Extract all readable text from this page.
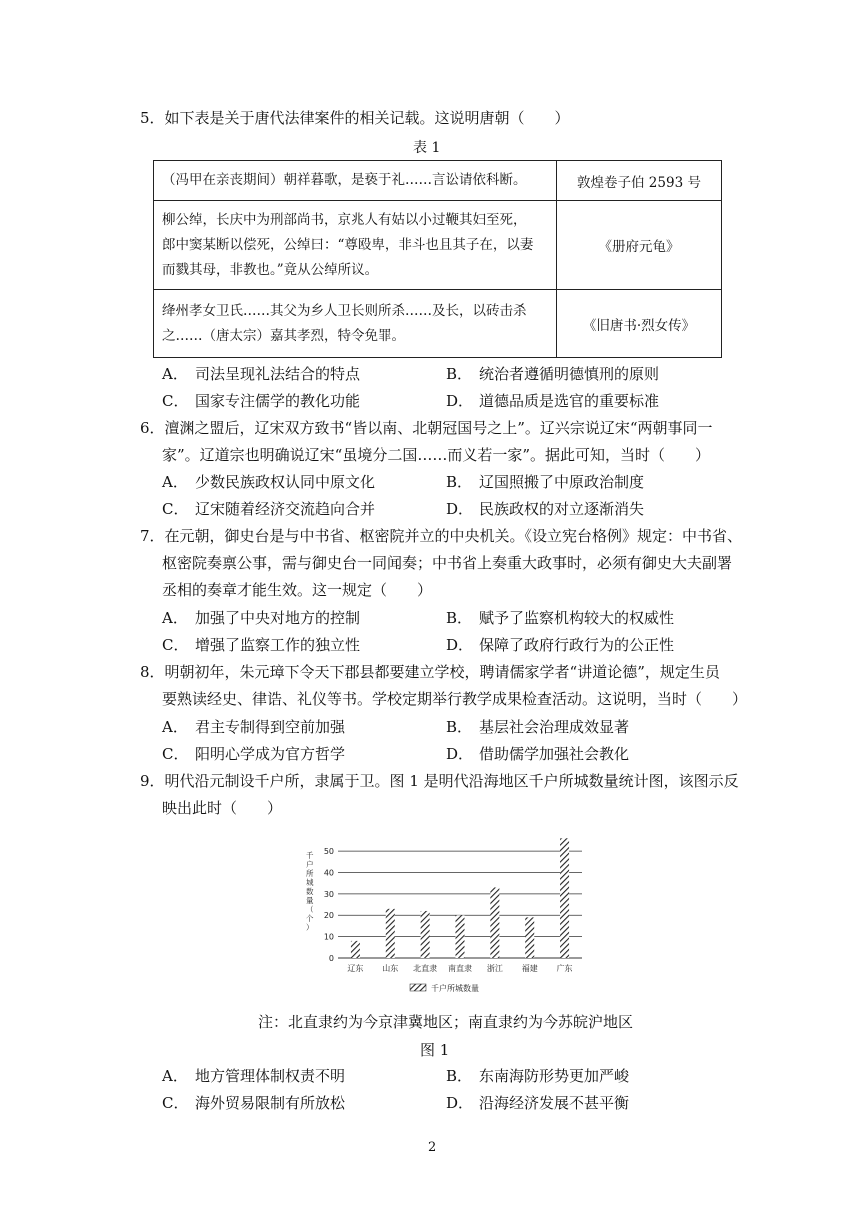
5．如下表是关于唐代法律案件的相关记载。这说明唐朝（　　）
表 1
（冯甲在亲丧期间）朝祥暮歌，是亵于礼……言讼请依科断。	敦煌卷子伯 2593 号

柳公绰，长庆中为刑部尚书，京兆人有姑以小过鞭其妇至死，
郎中窦某断以偿死，公绰曰：“尊殴卑，非斗也且其子在，以妻
而戮其母，非教也。”竟从公绰所议。	《册府元龟》

绛州孝女卫氏……其父为乡人卫长则所杀……及长，以砖击杀
之……（唐太宗）嘉其孝烈，特令免罪。	《旧唐书·烈女传》
A． 司法呈现礼法结合的特点	B． 统治者遵循明德慎刑的原则
C． 国家专注儒学的教化功能	D． 道德品质是选官的重要标准
6．澶渊之盟后，辽宋双方致书“皆以南、北朝冠国号之上”。辽兴宗说辽宋“两朝事同一
家”。辽道宗也明确说辽宋“虽境分二国……而义若一家”。据此可知，当时（　　）
A． 少数民族政权认同中原文化	B． 辽国照搬了中原政治制度
C． 辽宋随着经济交流趋向合并	D． 民族政权的对立逐渐消失
7．在元朝，御史台是与中书省、枢密院并立的中央机关。《设立宪台格例》规定：中书省、
枢密院奏禀公事，需与御史台一同闻奏；中书省上奏重大政事时，必须有御史大夫副署
丞相的奏章才能生效。这一规定（　　）
A． 加强了中央对地方的控制	B． 赋予了监察机构较大的权威性
C． 增强了监察工作的独立性	D． 保障了政府行政行为的公正性
8．明朝初年，朱元璋下令天下郡县都要建立学校，聘请儒家学者“讲道论德”，规定生员
要熟读经史、律诰、礼仪等书。学校定期举行教学成果检查活动。这说明，当时（　　）
A． 君主专制得到空前加强	B． 基层社会治理成效显著
C． 阳明心学成为官方哲学	D． 借助儒学加强社会教化
9．明代沿元制设千户所，隶属于卫。图 1 是明代沿海地区千户所城数量统计图，该图示反
映出此时（　　）
0
10
20
30
40
50
辽东 山东 北直隶 南直隶 浙江 福建 广东
千户所城数量（个）
千户所城数量
注：北直隶约为今京津冀地区；南直隶约为今苏皖沪地区
图 1
A． 地方管理体制权责不明	B． 东南海防形势更加严峻
C． 海外贸易限制有所放松	D． 沿海经济发展不甚平衡
2
